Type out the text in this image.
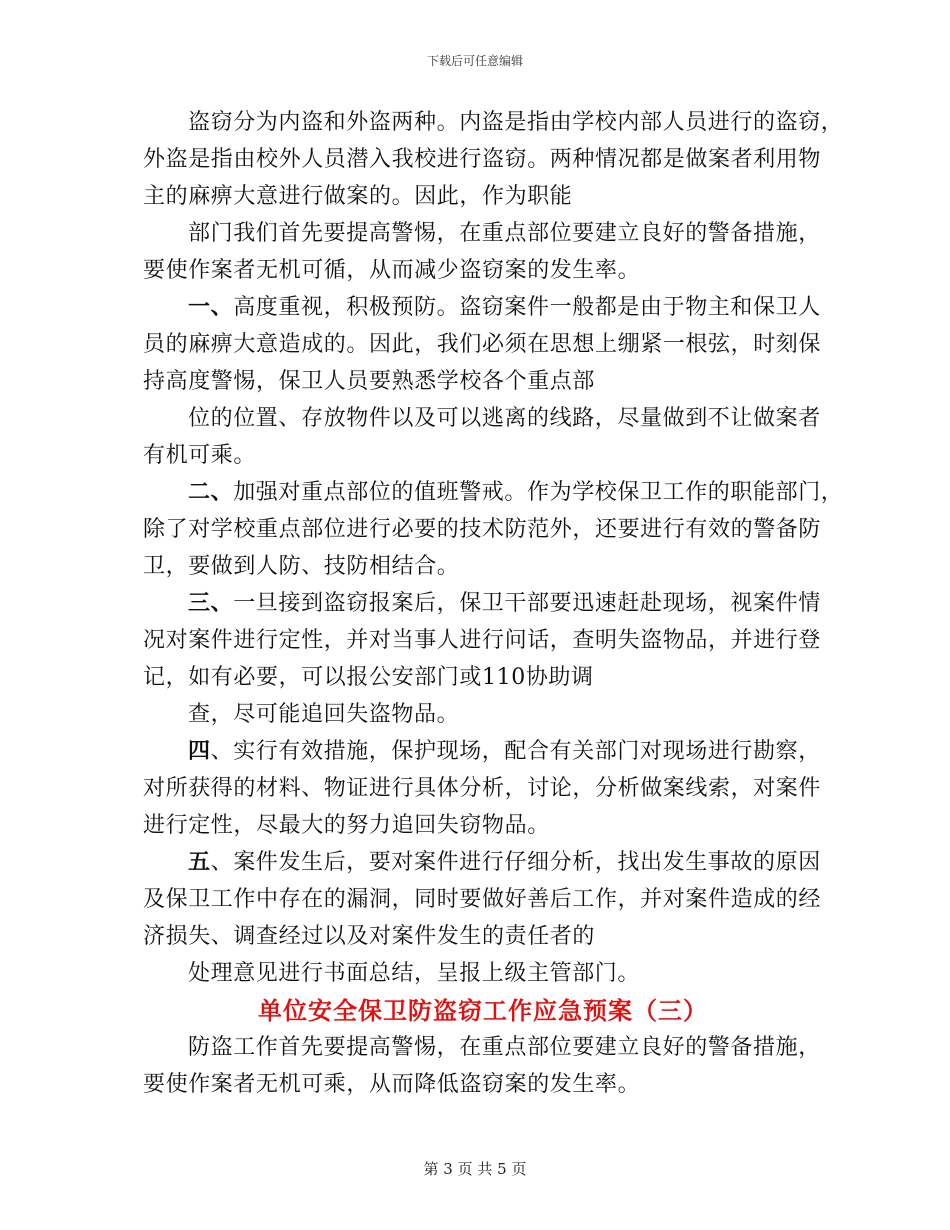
下载后可任意编辑
盗窃分为内盗和外盗两种。内盗是指由学校内部人员进行的盗窃，
外盗是指由校外人员潜入我校进行盗窃。两种情况都是做案者利用物
主的麻痹大意进行做案的。因此，作为职能
部门我们首先要提高警惕，在重点部位要建立良好的警备措施，
要使作案者无机可循，从而减少盗窃案的发生率。
一、高度重视，积极预防。盗窃案件一般都是由于物主和保卫人
员的麻痹大意造成的。因此，我们必须在思想上绷紧一根弦，时刻保
持高度警惕，保卫人员要熟悉学校各个重点部
位的位置、存放物件以及可以逃离的线路，尽量做到不让做案者
有机可乘。
二、加强对重点部位的值班警戒。作为学校保卫工作的职能部门，
除了对学校重点部位进行必要的技术防范外，还要进行有效的警备防
卫，要做到人防、技防相结合。
三、一旦接到盗窃报案后，保卫干部要迅速赶赴现场，视案件情
况对案件进行定性，并对当事人进行问话，查明失盗物品，并进行登
记，如有必要，可以报公安部门或110协助调
查，尽可能追回失盗物品。
四、实行有效措施，保护现场，配合有关部门对现场进行勘察，
对所获得的材料、物证进行具体分析，讨论，分析做案线索，对案件
进行定性，尽最大的努力追回失窃物品。
五、案件发生后，要对案件进行仔细分析，找出发生事故的原因
及保卫工作中存在的漏洞，同时要做好善后工作，并对案件造成的经
济损失、调查经过以及对案件发生的责任者的
处理意见进行书面总结，呈报上级主管部门。
单位安全保卫防盗窃工作应急预案（三）
防盗工作首先要提高警惕，在重点部位要建立良好的警备措施，
要使作案者无机可乘，从而降低盗窃案的发生率。
第 3 页 共 5 页
